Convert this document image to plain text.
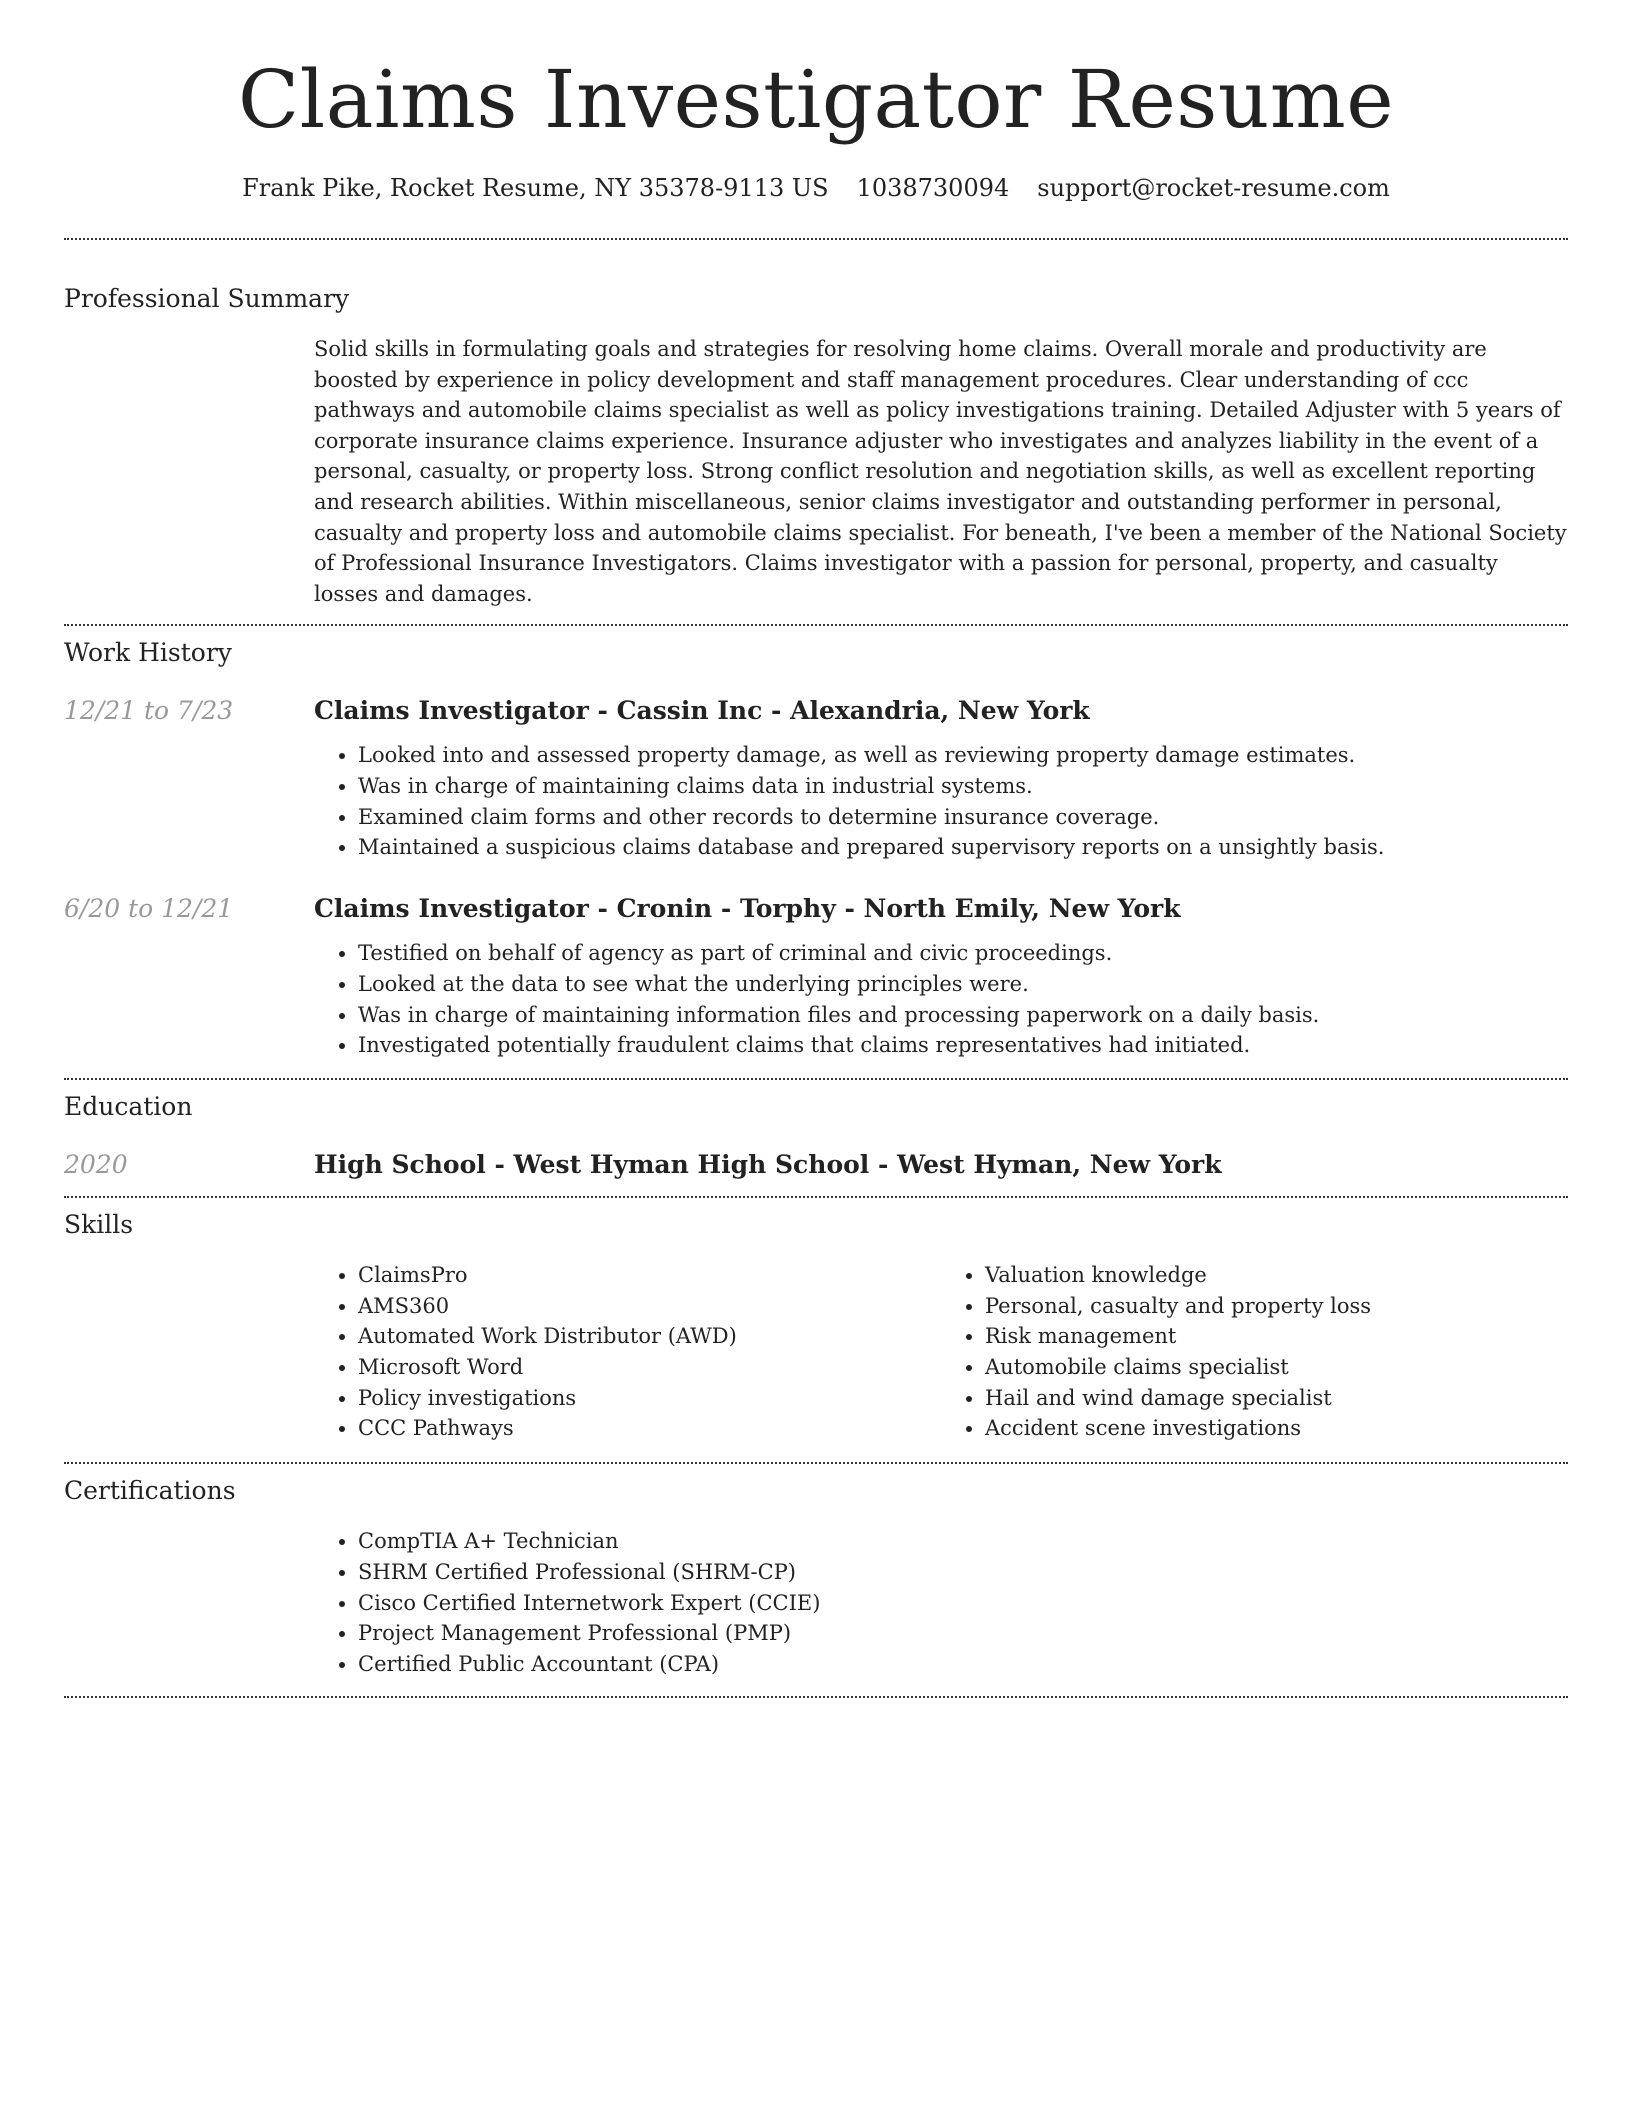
Claims Investigator Resume
Frank Pike, Rocket Resume, NY 35378-9113 US 1038730094 support@rocket-resume.com
Professional Summary

Solid skills in formulating goals and strategies for resolving home claims. Overall morale and productivity are boosted by experience in policy development and staff management procedures. Clear understanding of ccc pathways and automobile claims specialist as well as policy investigations training. Detailed Adjuster with 5 years of corporate insurance claims experience. Insurance adjuster who investigates and analyzes liability in the event of a personal, casualty, or property loss. Strong conflict resolution and negotiation skills, as well as excellent reporting and research abilities. Within miscellaneous, senior claims investigator and outstanding performer in personal, casualty and property loss and automobile claims specialist. For beneath, I've been a member of the National Society of Professional Insurance Investigators. Claims investigator with a passion for personal, property, and casualty losses and damages.

Work History
12/21 to 7/23	Claims Investigator - Cassin Inc - Alexandria, New York
• Looked into and assessed property damage, as well as reviewing property damage estimates.
• Was in charge of maintaining claims data in industrial systems.
• Examined claim forms and other records to determine insurance coverage.
• Maintained a suspicious claims database and prepared supervisory reports on a unsightly basis.
6/20 to 12/21	Claims Investigator - Cronin - Torphy - North Emily, New York
• Testified on behalf of agency as part of criminal and civic proceedings.
• Looked at the data to see what the underlying principles were.
• Was in charge of maintaining information files and processing paperwork on a daily basis.
• Investigated potentially fraudulent claims that claims representatives had initiated.
Education
2020	High School - West Hyman High School - West Hyman, New York
Skills
• ClaimsPro
• AMS360
• Automated Work Distributor (AWD)
• Microsoft Word
• Policy investigations
• CCC Pathways
• Valuation knowledge
• Personal, casualty and property loss
• Risk management
• Automobile claims specialist
• Hail and wind damage specialist
• Accident scene investigations
Certifications
• CompTIA A+ Technician
• SHRM Certified Professional (SHRM-CP)
• Cisco Certified Internetwork Expert (CCIE)
• Project Management Professional (PMP)
• Certified Public Accountant (CPA)
